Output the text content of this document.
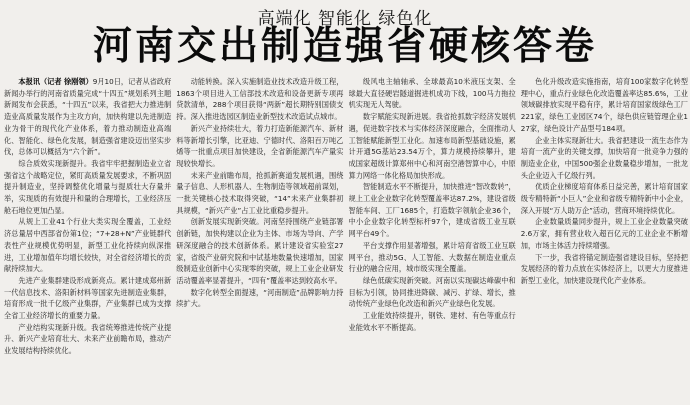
高端化 智能化 绿色化
河南交出制造强省硬核答卷

本报讯（记者 徐刚领）9月10日，记者从省政府新闻办举行的河南省质量完成“十四五”规划系列主题新闻发布会获悉，“十四五”以来，我省把大力推进制造业高质量发展作为主攻方向，加快构建以先进制造业为骨干的现代化产业体系，着力推动制造业高端化、智能化、绿色化发展，制造强省建设迈出坚实步伐，总体可以概括为“六个新”。

综合质效实现新提升。我省牢牢把握制造业立省强省这个战略定位，紧盯高质量发展要求，不断巩固提升制造业，坚持调整优化增量与提质壮大存量并举，实现质的有效提升和量的合理增长，工业经济压舱石地位更加凸显。

从规上工业41个行业大类实现全覆盖，工业经济总量居中西部省份第1位；“7+28+N”产业链群代表性产业规模优势明显，新型工业化持续向纵深推进，工业增加值年均增长较快，对全省经济增长的贡献持续加大。

先进产业集群建设形成新亮点。累计建成郑州新一代信息技术、洛阳新材料等国家先进制造业集群，培育形成一批千亿级产业集群，产业集群已成为支撑全省工业经济增长的重要力量。

产业结构实现新升级。我省统筹推进传统产业提升、新兴产业培育壮大、未来产业前瞻布局，推动产业发展结构持续优化。

动能转换。深入实施制造业技术改造升级工程，1863个项目进入工信部技术改造和设备更新专项再贷款清单，288个项目获得“两新”超长期特别国债支持。深入推进选园区制造业新型技术改造试点城市。

新兴产业持续壮大，着力打造新能源汽车、新材料等新增长引擎，比亚迪、宁德时代、洛阳百万吨乙烯等一批重点项目加快建设，全省新能源汽车产量实现较快增长。

未来产业前瞻布局，抢抓新赛道发展机遇，围绕量子信息、人形机器人、生物制造等领域超前谋划，一批关键核心技术取得突破，“14”未来产业集群初具规模，“新兴产业”占工业比重稳步提升。

创新发展实现新突破。河南坚持围绕产业链部署创新链，加快构建以企业为主体、市场为导向、产学研深度融合的技术创新体系。累计建设省实验室27家，省级产业研究院和中试基地数量快速增加，国家级制造业创新中心实现零的突破，规上工业企业研发活动覆盖率显著提升，“四有”覆盖率达到较高水平。

数字化转型全面提速，“河南制造”品牌影响力持续扩大。

级风电主轴轴承、全球最高10米液压支架、全球最大直径硬岩隧道掘进机成功下线，100马力拖拉机实现无人驾驶。

数字赋能实现新进展。我省抢抓数字经济发展机遇，促进数字技术与实体经济深度融合，全面推动人工智能赋能新型工业化。加速布局新型基础设施，累计开通5G基站23.54万个，算力规模持续攀升，建成国家超级计算郑州中心和河南空港智算中心，中原算力网络一体化格局加快形成。

智能制造水平不断提升，加快推进“智改数转”，规上工业企业数字化转型覆盖率达87.2%，建设省级智能车间、工厂1685个，打造数字领航企业36个，中小企业数字化转型标杆97个，建成省级工业互联网平台49个。

平台支撑作用显著增强，累计培育省级工业互联网平台，推动5G、人工智能、大数据在制造业重点行业的融合应用，城市级实现全覆盖。

绿色低碳实现新突破。河南以实现碳达峰碳中和目标为引领，协同推进降碳、减污、扩绿、增长，推动传统产业绿色化改造和新兴产业绿色化发展。

工业能效持续提升，钢铁、建材、有色等重点行业能效水平不断提高。

色化升级改造实施指南，培育100家数字化转型理中心，重点行业绿色化改造覆盖率达85.6%，工业领域碳排放实现平稳有序，累计培育国家级绿色工厂221家，绿色工业园区74个，绿色供应链管理企业127家，绿色设计产品型号184项。

企业主体实现新壮大。我省把建设一流生态作为培育一流产业的关键支撑，加快培育一批竞争力强的制造业企业，中国500强企业数量稳步增加，一批龙头企业迈入千亿级行列。

优质企业梯度培育体系日益完善，累计培育国家级专精特新“小巨人”企业和省级专精特新中小企业，深入开展“万人助万企”活动，营商环境持续优化。

企业数量质量同步提升，规上工业企业数量突破2.6万家，拥有营业收入超百亿元的工业企业不断增加，市场主体活力持续增强。

下一步，我省将锚定制造强省建设目标，坚持把发展经济的着力点放在实体经济上，以更大力度推进新型工业化，加快建设现代化产业体系。
